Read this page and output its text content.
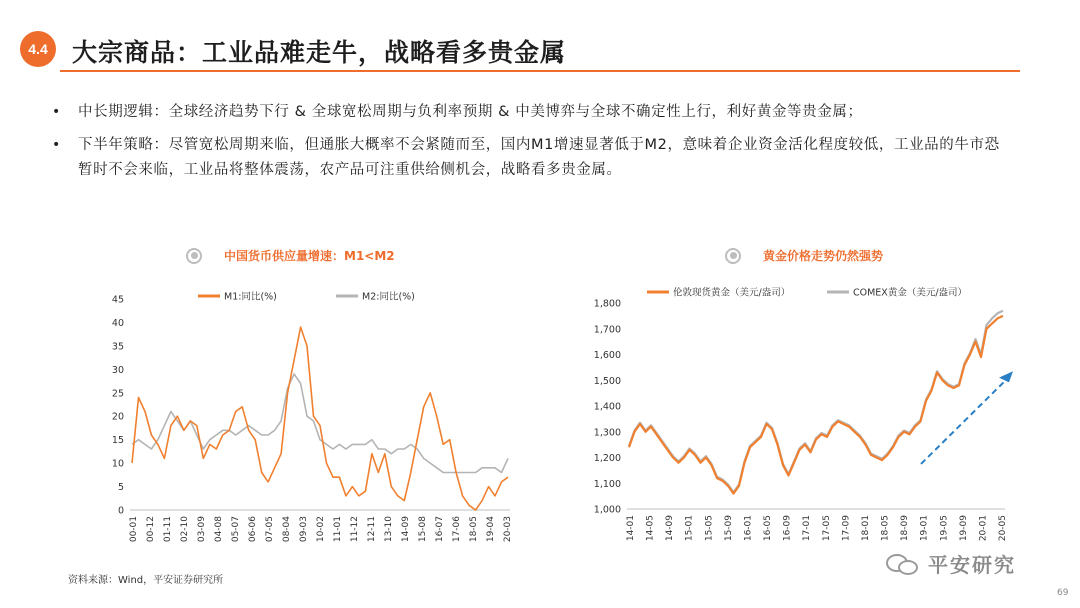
4.4 大宗商品：工业品难走牛，战略看多贵金属
• 中长期逻辑：全球经济趋势下行 & 全球宽松周期与负利率预期 & 中美博弈与全球不确定性上行，利好黄金等贵金属；
• 下半年策略：尽管宽松周期来临，但通胀大概率不会紧随而至，国内M1增速显著低于M2，意味着企业资金活化程度较低，工业品的牛市恐暂时不会来临，工业品将整体震荡，农产品可注重供给侧机会，战略看多贵金属。
中国货币供应量增速：M1<M2	黄金价格走势仍然强势
0
5
10
15
20
25
30
35
40
45
00-01 00-12 01-11 02-10 03-09 04-08 05-07 06-06 07-05 08-04 09-03 10-02 11-01 11-12 12-11 13-10 14-09 15-08 16-07 17-06 18-05 19-04 20-03
M1:同比(%)	M2:同比(%)
1,000
1,100
1,200
1,300
1,400
1,500
1,600
1,700
1,800
14-01 14-05 14-09 15-01 15-05 15-09 16-01 16-05 16-09 17-01 17-05 17-09 18-01 18-05 18-09 19-01 19-05 19-09 20-01 20-05
伦敦现货黄金（美元/盎司）	COMEX黄金（美元/盎司）
资料来源：Wind，平安证券研究所
平安研究
69
